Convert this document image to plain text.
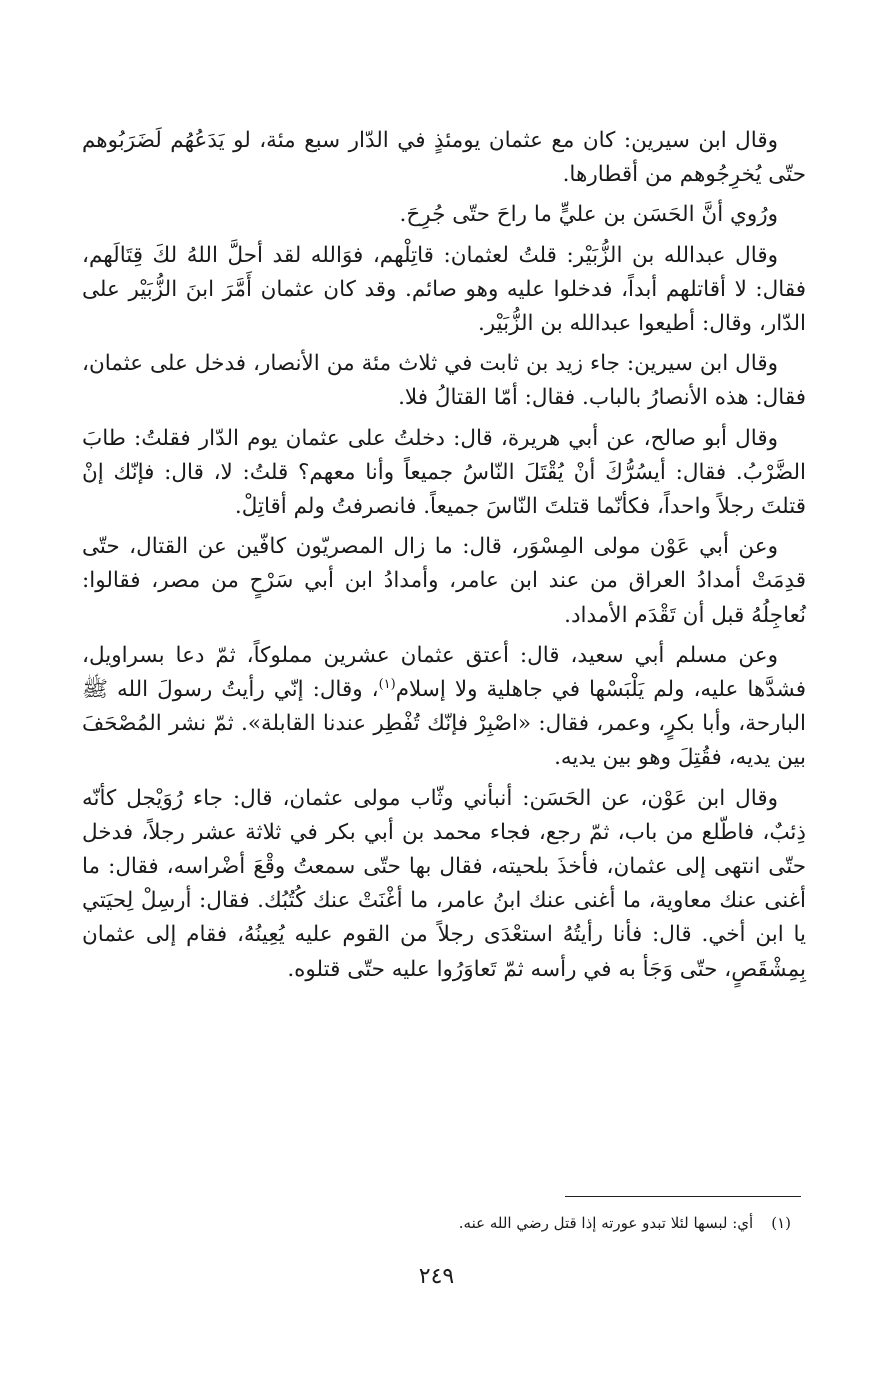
وقال ابن سيرين: كان مع عثمان يومئذٍ في الدّار سبع مئة، لو يَدَعُهُم لَضَرَبُوهم حتّى يُخرِجُوهم من أقطارها.

ورُوي أنَّ الحَسَن بن عليٍّ ما راحَ حتّى جُرِحَ.

وقال عبدالله بن الزُّبَيْر: قلتُ لعثمان: قاتِلْهم، فوَالله لقد أحلَّ اللهُ لكَ قِتَالَهم، فقال: لا أقاتلهم أبداً، فدخلوا عليه وهو صائم. وقد كان عثمان أَمَّرَ ابنَ الزُّبَيْر على الدّار، وقال: أطيعوا عبدالله بن الزُّبَيْر.

وقال ابن سيرين: جاء زيد بن ثابت في ثلاث مئة من الأنصار، فدخل على عثمان، فقال: هذه الأنصارُ بالباب. فقال: أمّا القتالُ فلا.

وقال أبو صالح، عن أبي هريرة، قال: دخلتُ على عثمان يوم الدّار فقلتُ: طابَ الضَّرْبُ. فقال: أيسُرُّكَ أنْ يُقْتَلَ النّاسُ جميعاً وأنا معهم؟ قلتُ: لا، قال: فإنّك إنْ قتلتَ رجلاً واحداً، فكأنّما قتلتَ النّاسَ جميعاً. فانصرفتُ ولم أقاتِلْ.

وعن أبي عَوْن مولى المِسْوَر، قال: ما زال المصريّون كافّين عن القتال، حتّى قدِمَتْ أمدادُ العراق من عند ابن عامر، وأمدادُ ابن أبي سَرْحٍ من مصر، فقالوا: نُعاجِلُهُ قبل أن تَقْدَم الأمداد.

وعن مسلم أبي سعيد، قال: أعتق عثمان عشرين مملوكاً، ثمّ دعا بسراويل، فشدَّها عليه، ولم يَلْبَسْها في جاهلية ولا إسلام$^{(١)}$، وقال: إنّي رأيتُ رسولَ الله ﷺ البارحة، وأبا بكرٍ، وعمر، فقال: «اصْبِرْ فإنّك تُفْطِر عندنا القابلة». ثمّ نشر المُصْحَفَ بين يديه، فقُتِلَ وهو بين يديه.

وقال ابن عَوْن، عن الحَسَن: أنبأني وثّاب مولى عثمان، قال: جاء رُوَيْجل كأنّه ذِئبٌ، فاطّلع من باب، ثمّ رجع، فجاء محمد بن أبي بكر في ثلاثة عشر رجلاً، فدخل حتّى انتهى إلى عثمان، فأخذَ بلحيته، فقال بها حتّى سمعتُ وقْعَ أضْراسه، فقال: ما أغنى عنك معاوية، ما أغنى عنك ابنُ عامر، ما أغْنَتْ عنك كُتُبُك. فقال: أرسِلْ لِحيَتي يا ابن أخي. قال: فأنا رأيتُهُ استعْدَى رجلاً من القوم عليه يُعِينُهُ، فقام إلى عثمان بِمِشْقَصٍ، حتّى وَجَأ به في رأسه ثمّ تَعاوَرُوا عليه حتّى قتلوه.

(١)أي: لبسها لئلا تبدو عورته إذا قتل رضي الله عنه.
٢٤٩
